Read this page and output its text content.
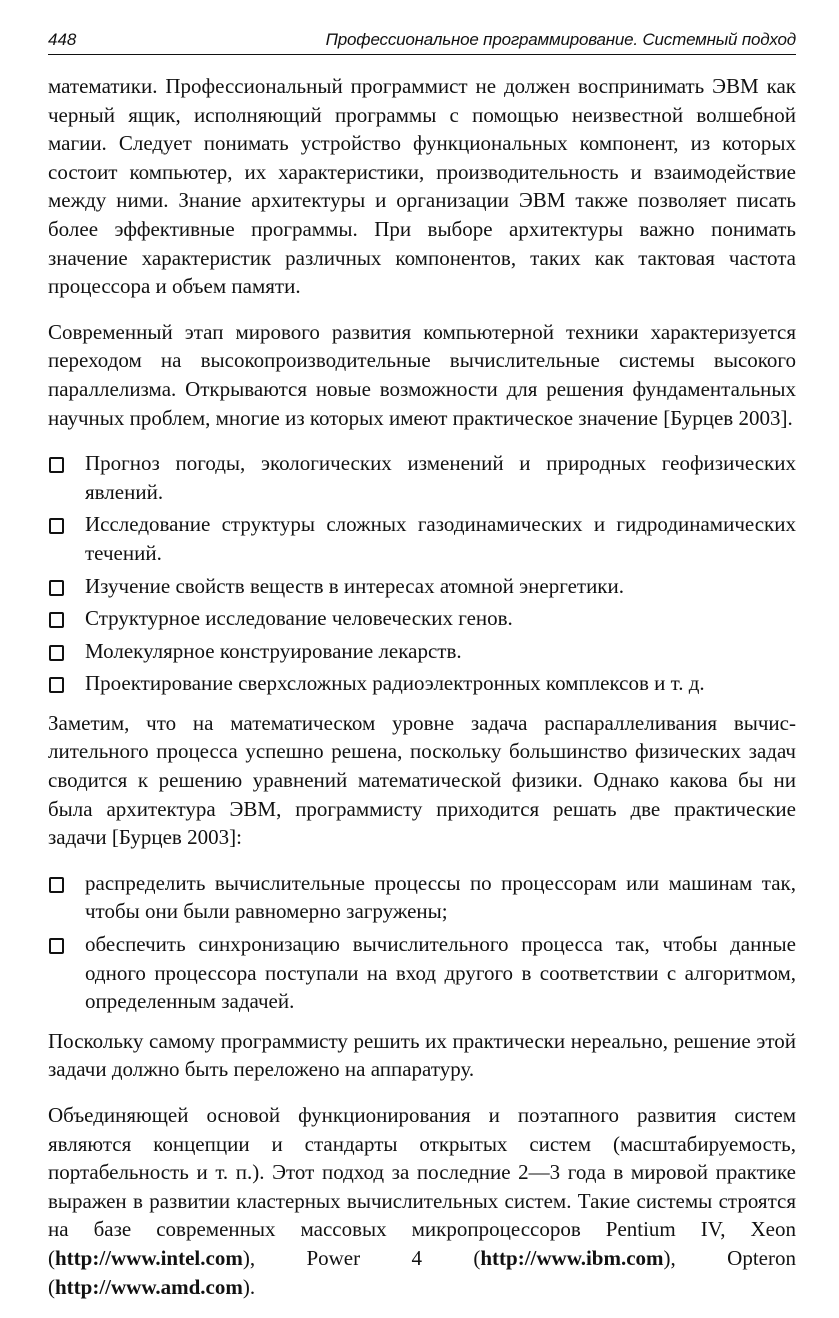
448	Профессиональное программирование. Системный подход

математики. Профессиональный программист не должен воспринимать ЭВМ как черный ящик, исполняющий программы с помощью неизвестной волшебной магии. Следует понимать устройство функциональных компонент, из которых состоит компьютер, их характеристики, производительность и взаимодействие между ними. Знание архитектуры и организации ЭВМ также позволяет писать более эффективные программы. При выборе архитектуры важно понимать значение характеристик различных компонентов, таких как тактовая частота процессора и объем памяти.

Современный этап мирового развития компьютерной техники характеризуется переходом на высокопроизводительные вычислительные системы высокого параллелизма. Открываются новые возможности для решения фундаментальных научных проблем, многие из которых имеют практическое значение [Бурцев 2003].

Прогноз погоды, экологических изменений и природных геофизических явлений.
Исследование структуры сложных газодинамических и гидродинамических течений.
Изучение свойств веществ в интересах атомной энергетики.
Структурное исследование человеческих генов.
Молекулярное конструирование лекарств.
Проектирование сверхсложных радиоэлектронных комплексов и т. д.

Заметим, что на математическом уровне задача распараллеливания вычислительного процесса успешно решена, поскольку большинство физических задач сводится к решению уравнений математической физики. Однако какова бы ни была архитектура ЭВМ, программисту приходится решать две практические задачи [Бурцев 2003]:

распределить вычислительные процессы по процессорам или машинам так, чтобы они были равномерно загружены;
обеспечить синхронизацию вычислительного процесса так, чтобы данные одного процессора поступали на вход другого в соответствии с алгоритмом, определенным задачей.

Поскольку самому программисту решить их практически нереально, решение этой задачи должно быть переложено на аппаратуру.

Объединяющей основой функционирования и поэтапного развития систем являются концепции и стандарты открытых систем (масштабируемость, портабельность и т. п.). Этот подход за последние 2—3 года в мировой практике выражен в развитии кластерных вычислительных систем. Такие системы строятся на базе современных массовых микропроцессоров Pentium IV, Xeon (http://www.intel.com), Power 4 (http://www.ibm.com), Opteron (http://www.amd.com).
